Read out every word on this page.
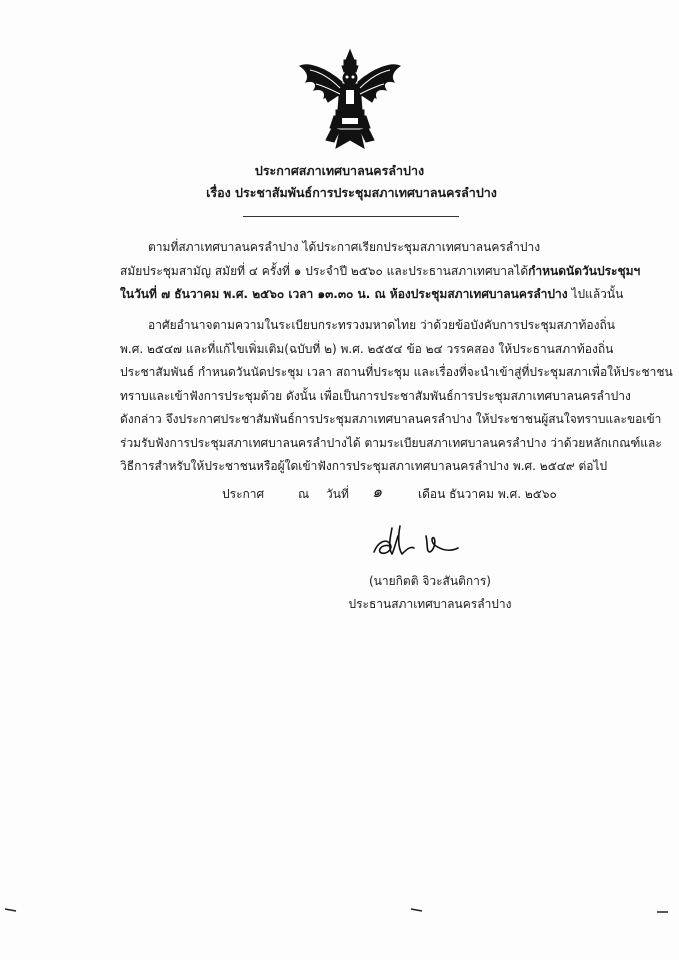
ประกาศสภาเทศบาลนครลำปาง
เรื่อง ประชาสัมพันธ์การประชุมสภาเทศบาลนครลำปาง
ตามที่สภาเทศบาลนครลำปาง ได้ประกาศเรียกประชุมสภาเทศบาลนครลำปาง
สมัยประชุมสามัญ สมัยที่ ๔ ครั้งที่ ๑ ประจำปี ๒๕๖๐ และประธานสภาเทศบาลได้กำหนดนัดวันประชุมฯ
ในวันที่ ๗ ธันวาคม พ.ศ. ๒๕๖๐ เวลา ๑๓.๓๐ น. ณ ห้องประชุมสภาเทศบาลนครลำปาง ไปแล้วนั้น
อาศัยอำนาจตามความในระเบียบกระทรวงมหาดไทย ว่าด้วยข้อบังคับการประชุมสภาท้องถิ่น
พ.ศ. ๒๕๔๗ และที่แก้ไขเพิ่มเติม(ฉบับที่ ๒) พ.ศ. ๒๕๕๔ ข้อ ๒๔ วรรคสอง ให้ประธานสภาท้องถิ่น
ประชาสัมพันธ์ กำหนดวันนัดประชุม เวลา สถานที่ประชุม และเรื่องที่จะนำเข้าสู่ที่ประชุมสภาเพื่อให้ประชาชน
ทราบและเข้าฟังการประชุมด้วย ดังนั้น เพื่อเป็นการประชาสัมพันธ์การประชุมสภาเทศบาลนครลำปาง
ดังกล่าว จึงประกาศประชาสัมพันธ์การประชุมสภาเทศบาลนครลำปาง ให้ประชาชนผู้สนใจทราบและขอเข้า
ร่วมรับฟังการประชุมสภาเทศบาลนครลำปางได้ ตามระเบียบสภาเทศบาลนครลำปาง ว่าด้วยหลักเกณฑ์และ
วิธีการสำหรับให้ประชาชนหรือผู้ใดเข้าฟังการประชุมสภาเทศบาลนครลำปาง พ.ศ. ๒๕๔๙ ต่อไป
ประกาศ	ณ วันที่ ๑	เดือน ธันวาคม พ.ศ. ๒๕๖๐
(นายกิตติ จิวะสันติการ)
ประธานสภาเทศบาลนครลำปาง
